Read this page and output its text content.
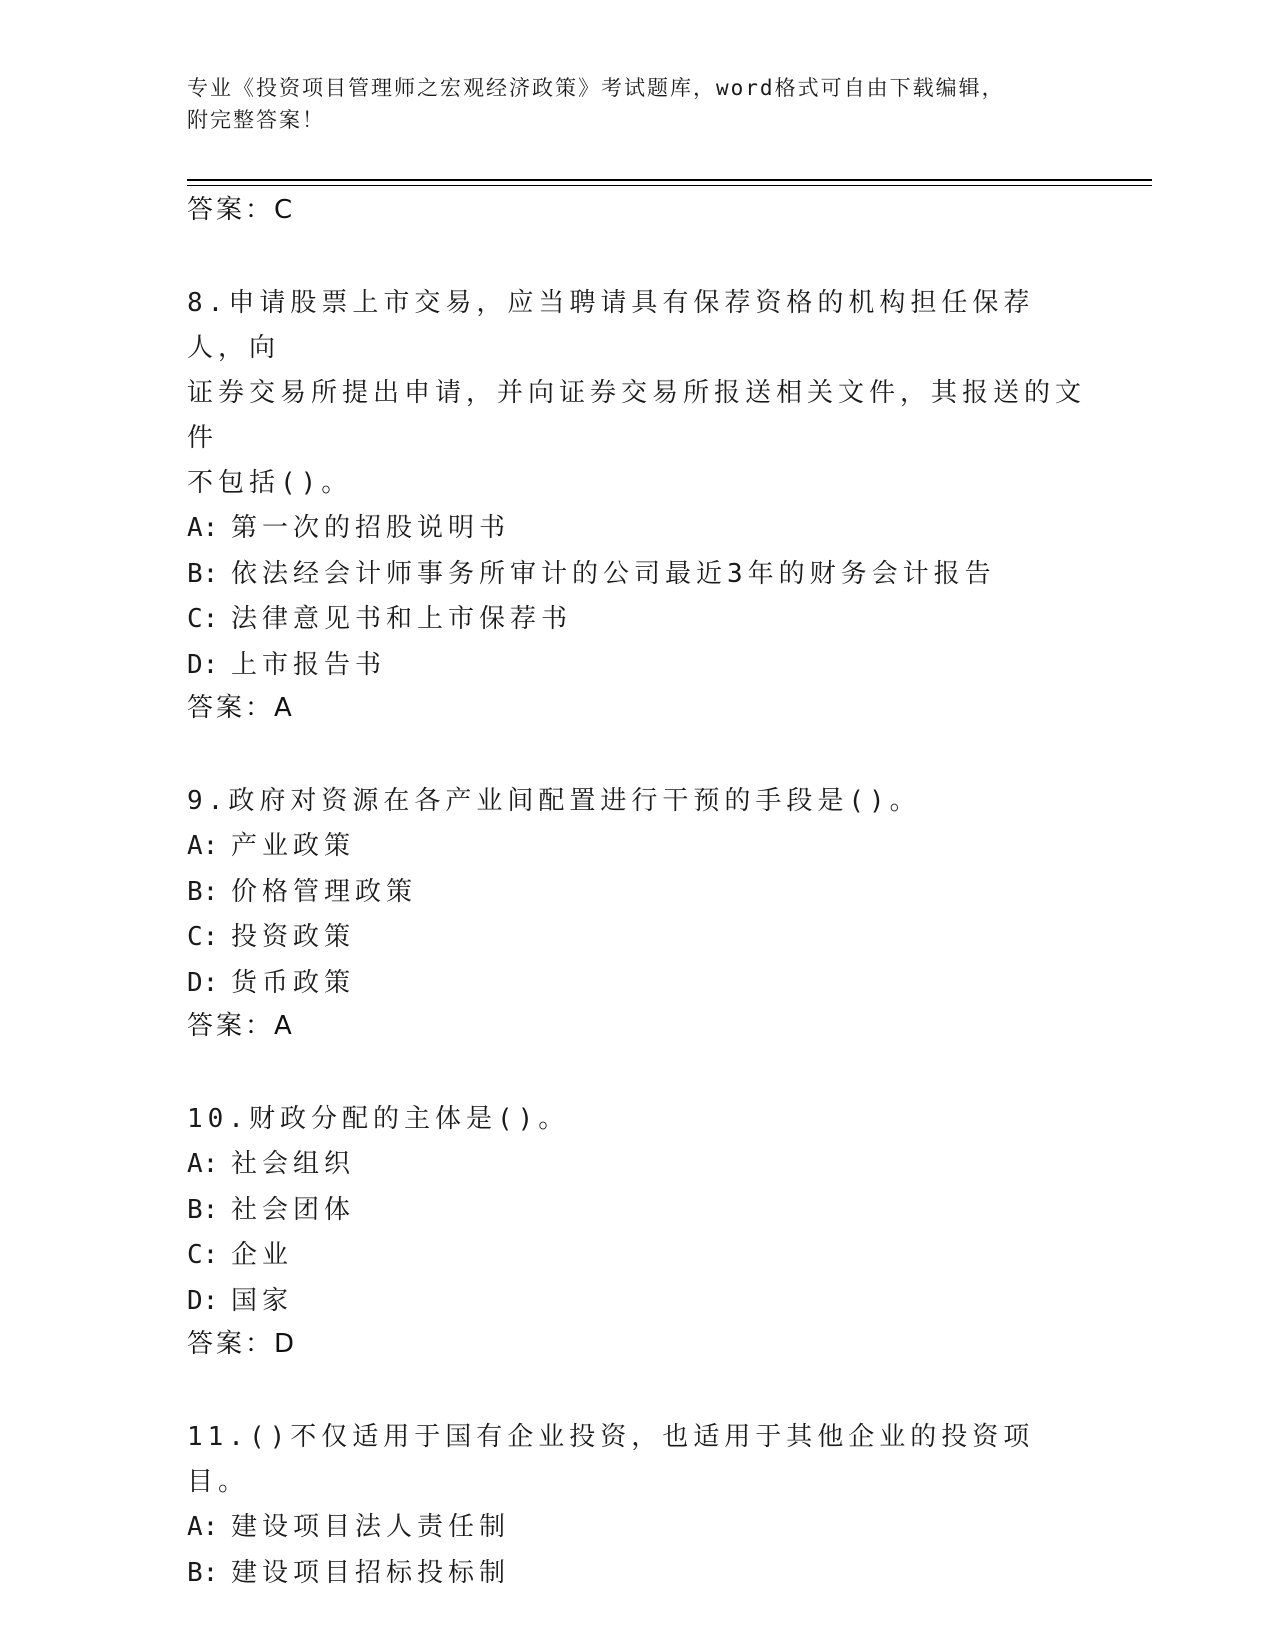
专业《投资项目管理师之宏观经济政策》考试题库，word格式可自由下载编辑，
附完整答案！
答案：C
8.申请股票上市交易，应当聘请具有保荐资格的机构担任保荐人，向
证券交易所提出申请，并向证券交易所报送相关文件，其报送的文件
不包括()。
A: 第一次的招股说明书
B: 依法经会计师事务所审计的公司最近3年的财务会计报告
C: 法律意见书和上市保荐书
D: 上市报告书
答案：A
9.政府对资源在各产业间配置进行干预的手段是()。
A: 产业政策
B: 价格管理政策
C: 投资政策
D: 货币政策
答案：A
10.财政分配的主体是()。
A: 社会组织
B: 社会团体
C: 企业
D: 国家
答案：D
11.()不仅适用于国有企业投资，也适用于其他企业的投资项目。
A: 建设项目法人责任制
B: 建设项目招标投标制
